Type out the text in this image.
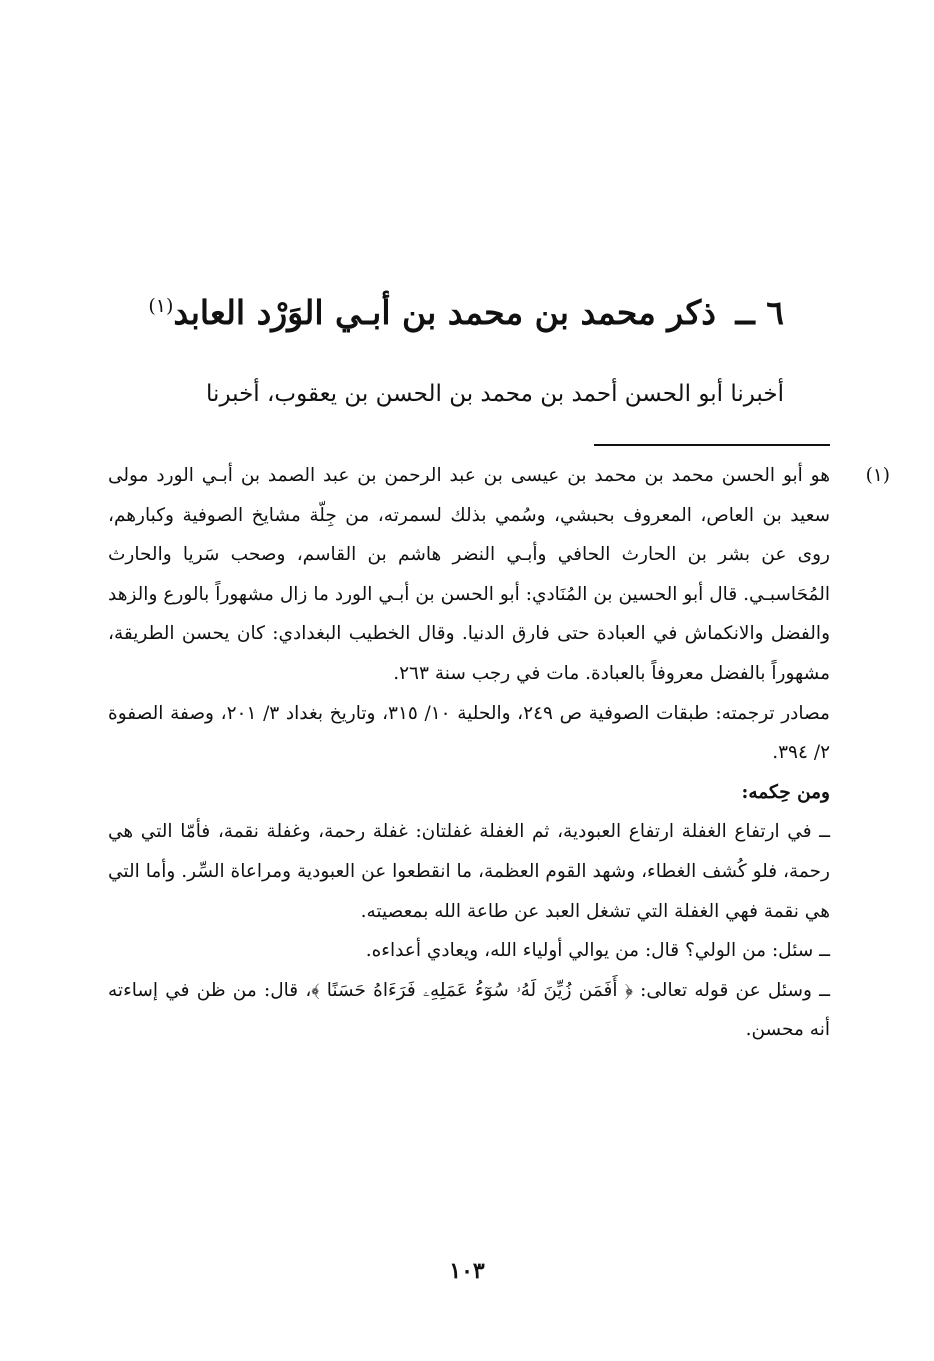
٦ ــ ذكر محمد بن محمد بن أبـي الوَرْد العابد$^{(١)}$
أخبرنا أبو الحسن أحمد بن محمد بن الحسن بن يعقوب، أخبرنا
(١)

هو أبو الحسن محمد بن محمد بن عيسى بن عبد الرحمن بن عبد الصمد بن أبـي الورد مولى سعيد بن العاص، المعروف بحبشي، وسُمي بذلك لسمرته، من جِلّة مشايخ الصوفية وكبارهم، روى عن بشر بن الحارث الحافي وأبـي النضر هاشم بن القاسم، وصحب سَريا والحارث المُحَاسبـي. قال أبو الحسين بن المُنَادي: أبو الحسن بن أبـي الورد ما زال مشهوراً بالورع والزهد والفضل والانكماش في العبادة حتى فارق الدنيا. وقال الخطيب البغدادي: كان يحسن الطريقة، مشهوراً بالفضل معروفاً بالعبادة. مات في رجب سنة ٢٦٣.

مصادر ترجمته: طبقات الصوفية ص ٢٤٩، والحلية ١٠/ ٣١٥، وتاريخ بغداد ٣/ ٢٠١، وصفة الصفوة ٢/ ٣٩٤.

ومن حِكمه:

ــ في ارتفاع الغفلة ارتفاع العبودية، ثم الغفلة غفلتان: غفلة رحمة، وغفلة نقمة، فأمّا التي هي رحمة، فلو كُشف الغطاء، وشهد القوم العظمة، ما انقطعوا عن العبودية ومراعاة السِّر. وأما التي هي نقمة فهي الغفلة التي تشغل العبد عن طاعة الله بمعصيته.

ــ سئل: من الولي؟ قال: من يوالي أولياء الله، ويعادي أعداءه.

ــ وسئل عن قوله تعالى: ﴿ أَفَمَن زُيِّنَ لَهُۥ سُوٓءُ عَمَلِهِۦ فَرَءَاهُ حَسَنًا ﴾، قال: من ظن في إساءته أنه محسن.

١٠٣
